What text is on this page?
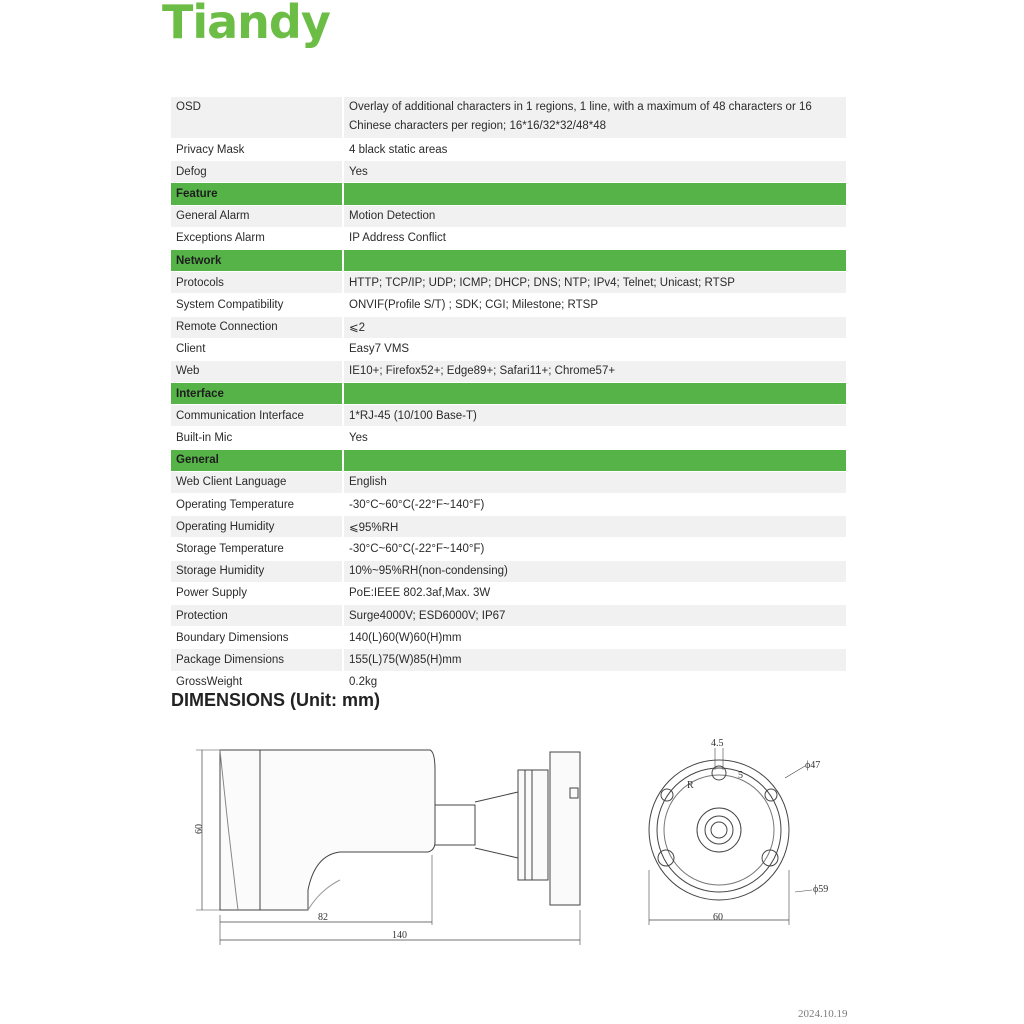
Tiandy
OSD	Overlay of additional characters in 1 regions, 1 line, with a maximum of 48 characters or 16 Chinese characters per region; 16*16/32*32/48*48
Privacy Mask	4 black static areas
Defog	Yes
Feature	
General Alarm	Motion Detection
Exceptions Alarm	IP Address Conflict
Network	
Protocols	HTTP; TCP/IP; UDP; ICMP; DHCP; DNS; NTP; IPv4; Telnet; Unicast; RTSP
System Compatibility	ONVIF(Profile S/T) ; SDK; CGI; Milestone; RTSP
Remote Connection	⩽2
Client	Easy7 VMS
Web	IE10+; Firefox52+; Edge89+; Safari11+; Chrome57+
Interface	
Communication Interface	1*RJ-45 (10/100 Base-T)
Built-in Mic	Yes
General	
Web Client Language	English
Operating Temperature	-30°C~60°C(-22°F~140°F)
Operating Humidity	⩽95%RH
Storage Temperature	-30°C~60°C(-22°F~140°F)
Storage Humidity	10%~95%RH(non-condensing)
Power Supply	PoE:IEEE 802.3af,Max. 3W
Protection	Surge4000V; ESD6000V; IP67
Boundary Dimensions	140(L)60(W)60(H)mm
Package Dimensions	155(L)75(W)85(H)mm
GrossWeight	0.2kg
DIMENSIONS (Unit: mm)
60
82
140
4.5
5
R
ϕ47
ϕ59
60
2024.10.19
